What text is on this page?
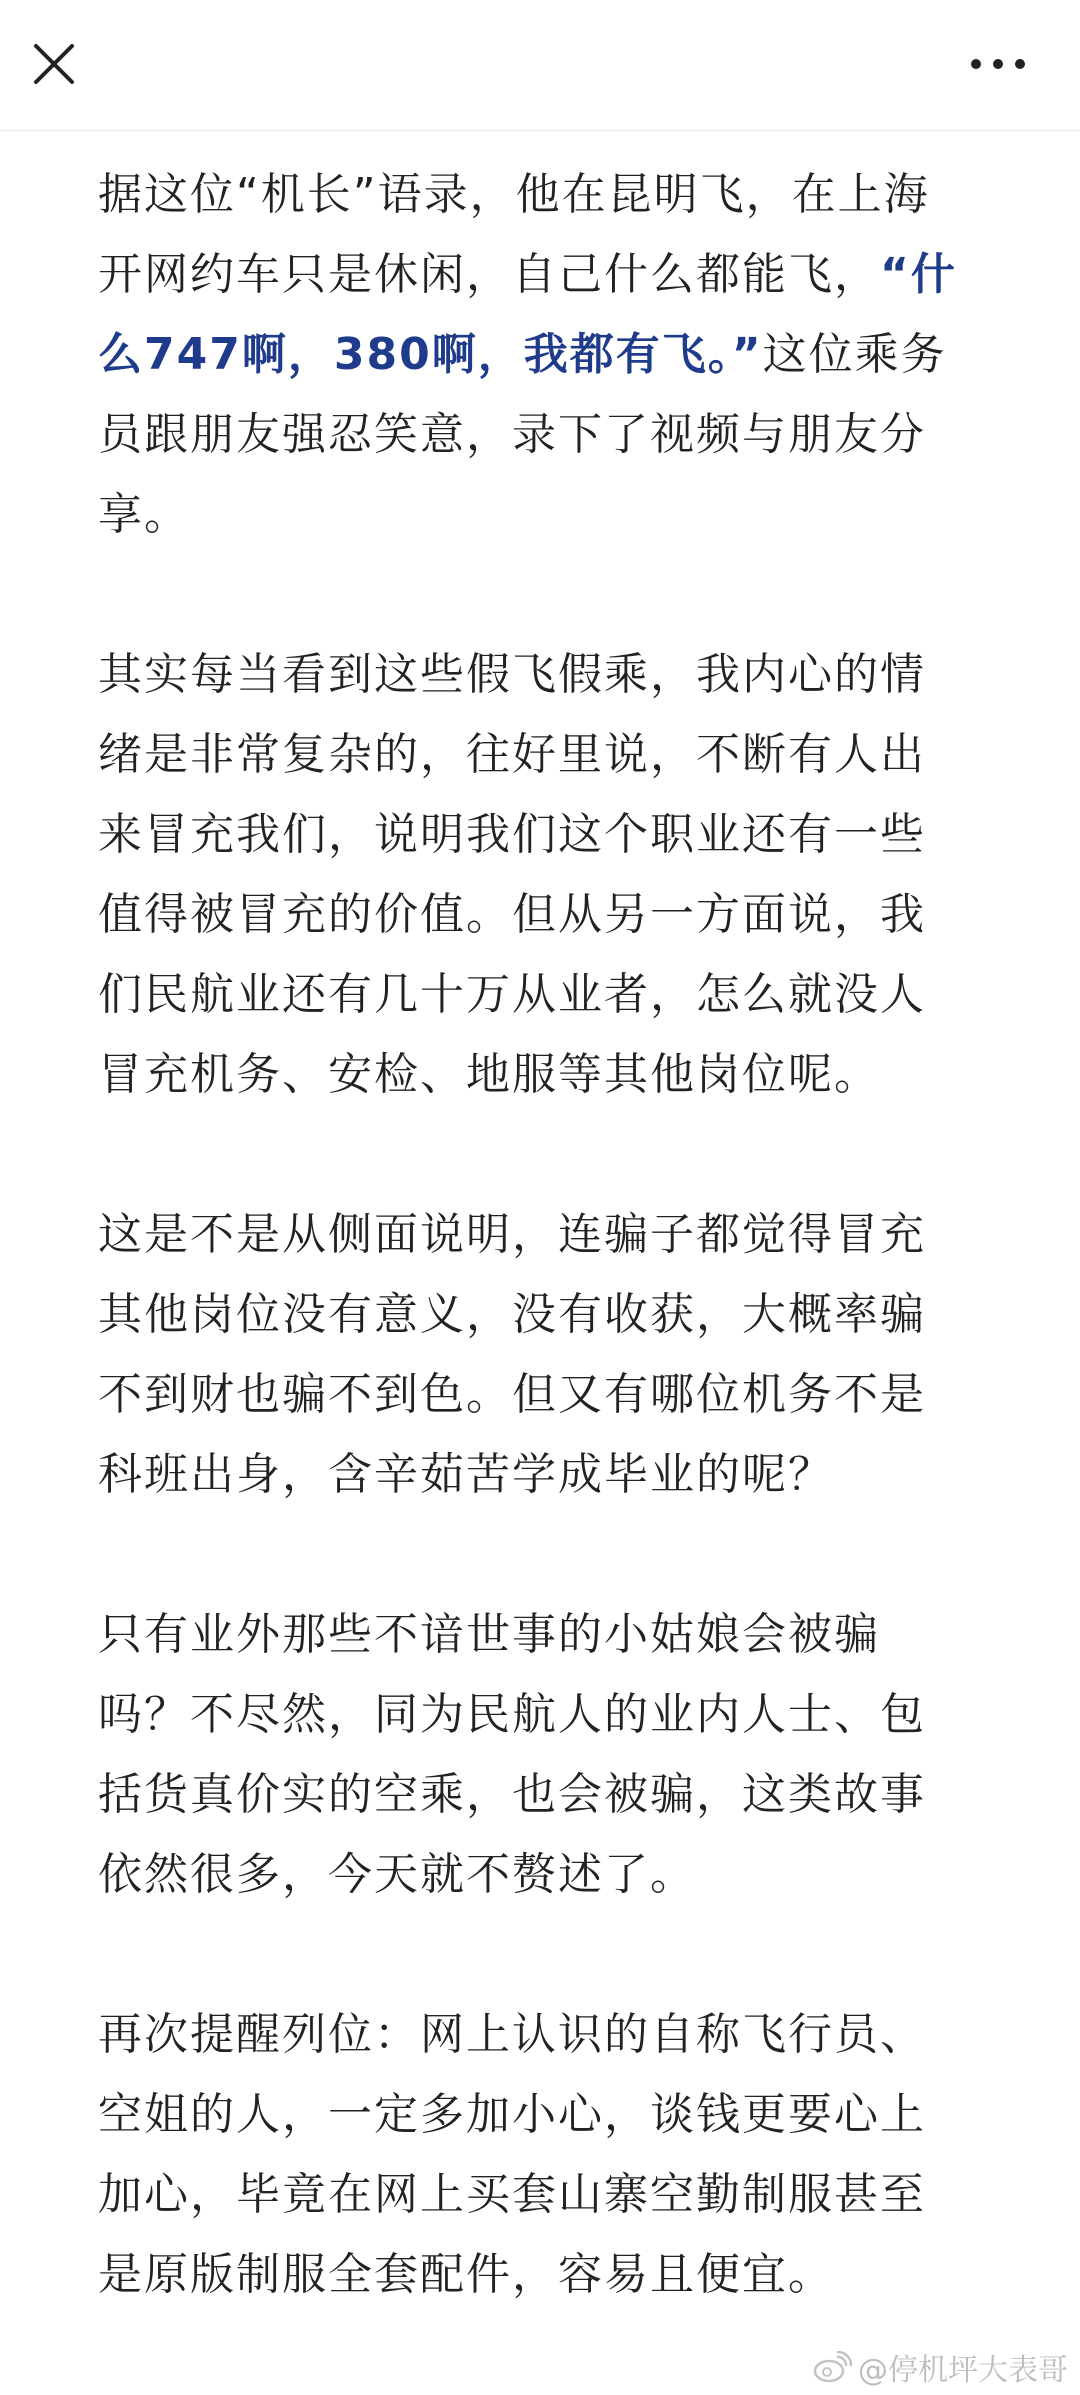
据这位“机长”语录，他在昆明飞，在上海开网约车只是休闲，自己什么都能飞，“什么747啊，380啊，我都有飞。”这位乘务员跟朋友强忍笑意，录下了视频与朋友分享。

其实每当看到这些假飞假乘，我内心的情绪是非常复杂的，往好里说，不断有人出来冒充我们，说明我们这个职业还有一些值得被冒充的价值。但从另一方面说，我们民航业还有几十万从业者，怎么就没人冒充机务、安检、地服等其他岗位呢。

这是不是从侧面说明，连骗子都觉得冒充其他岗位没有意义，没有收获，大概率骗不到财也骗不到色。但又有哪位机务不是科班出身，含辛茹苦学成毕业的呢？

只有业外那些不谙世事的小姑娘会被骗吗？不尽然，同为民航人的业内人士、包括货真价实的空乘，也会被骗，这类故事依然很多，今天就不赘述了。

再次提醒列位：网上认识的自称飞行员、空姐的人，一定多加小心，谈钱更要心上加心，毕竟在网上买套山寨空勤制服甚至是原版制服全套配件，容易且便宜。

@停机坪大表哥
